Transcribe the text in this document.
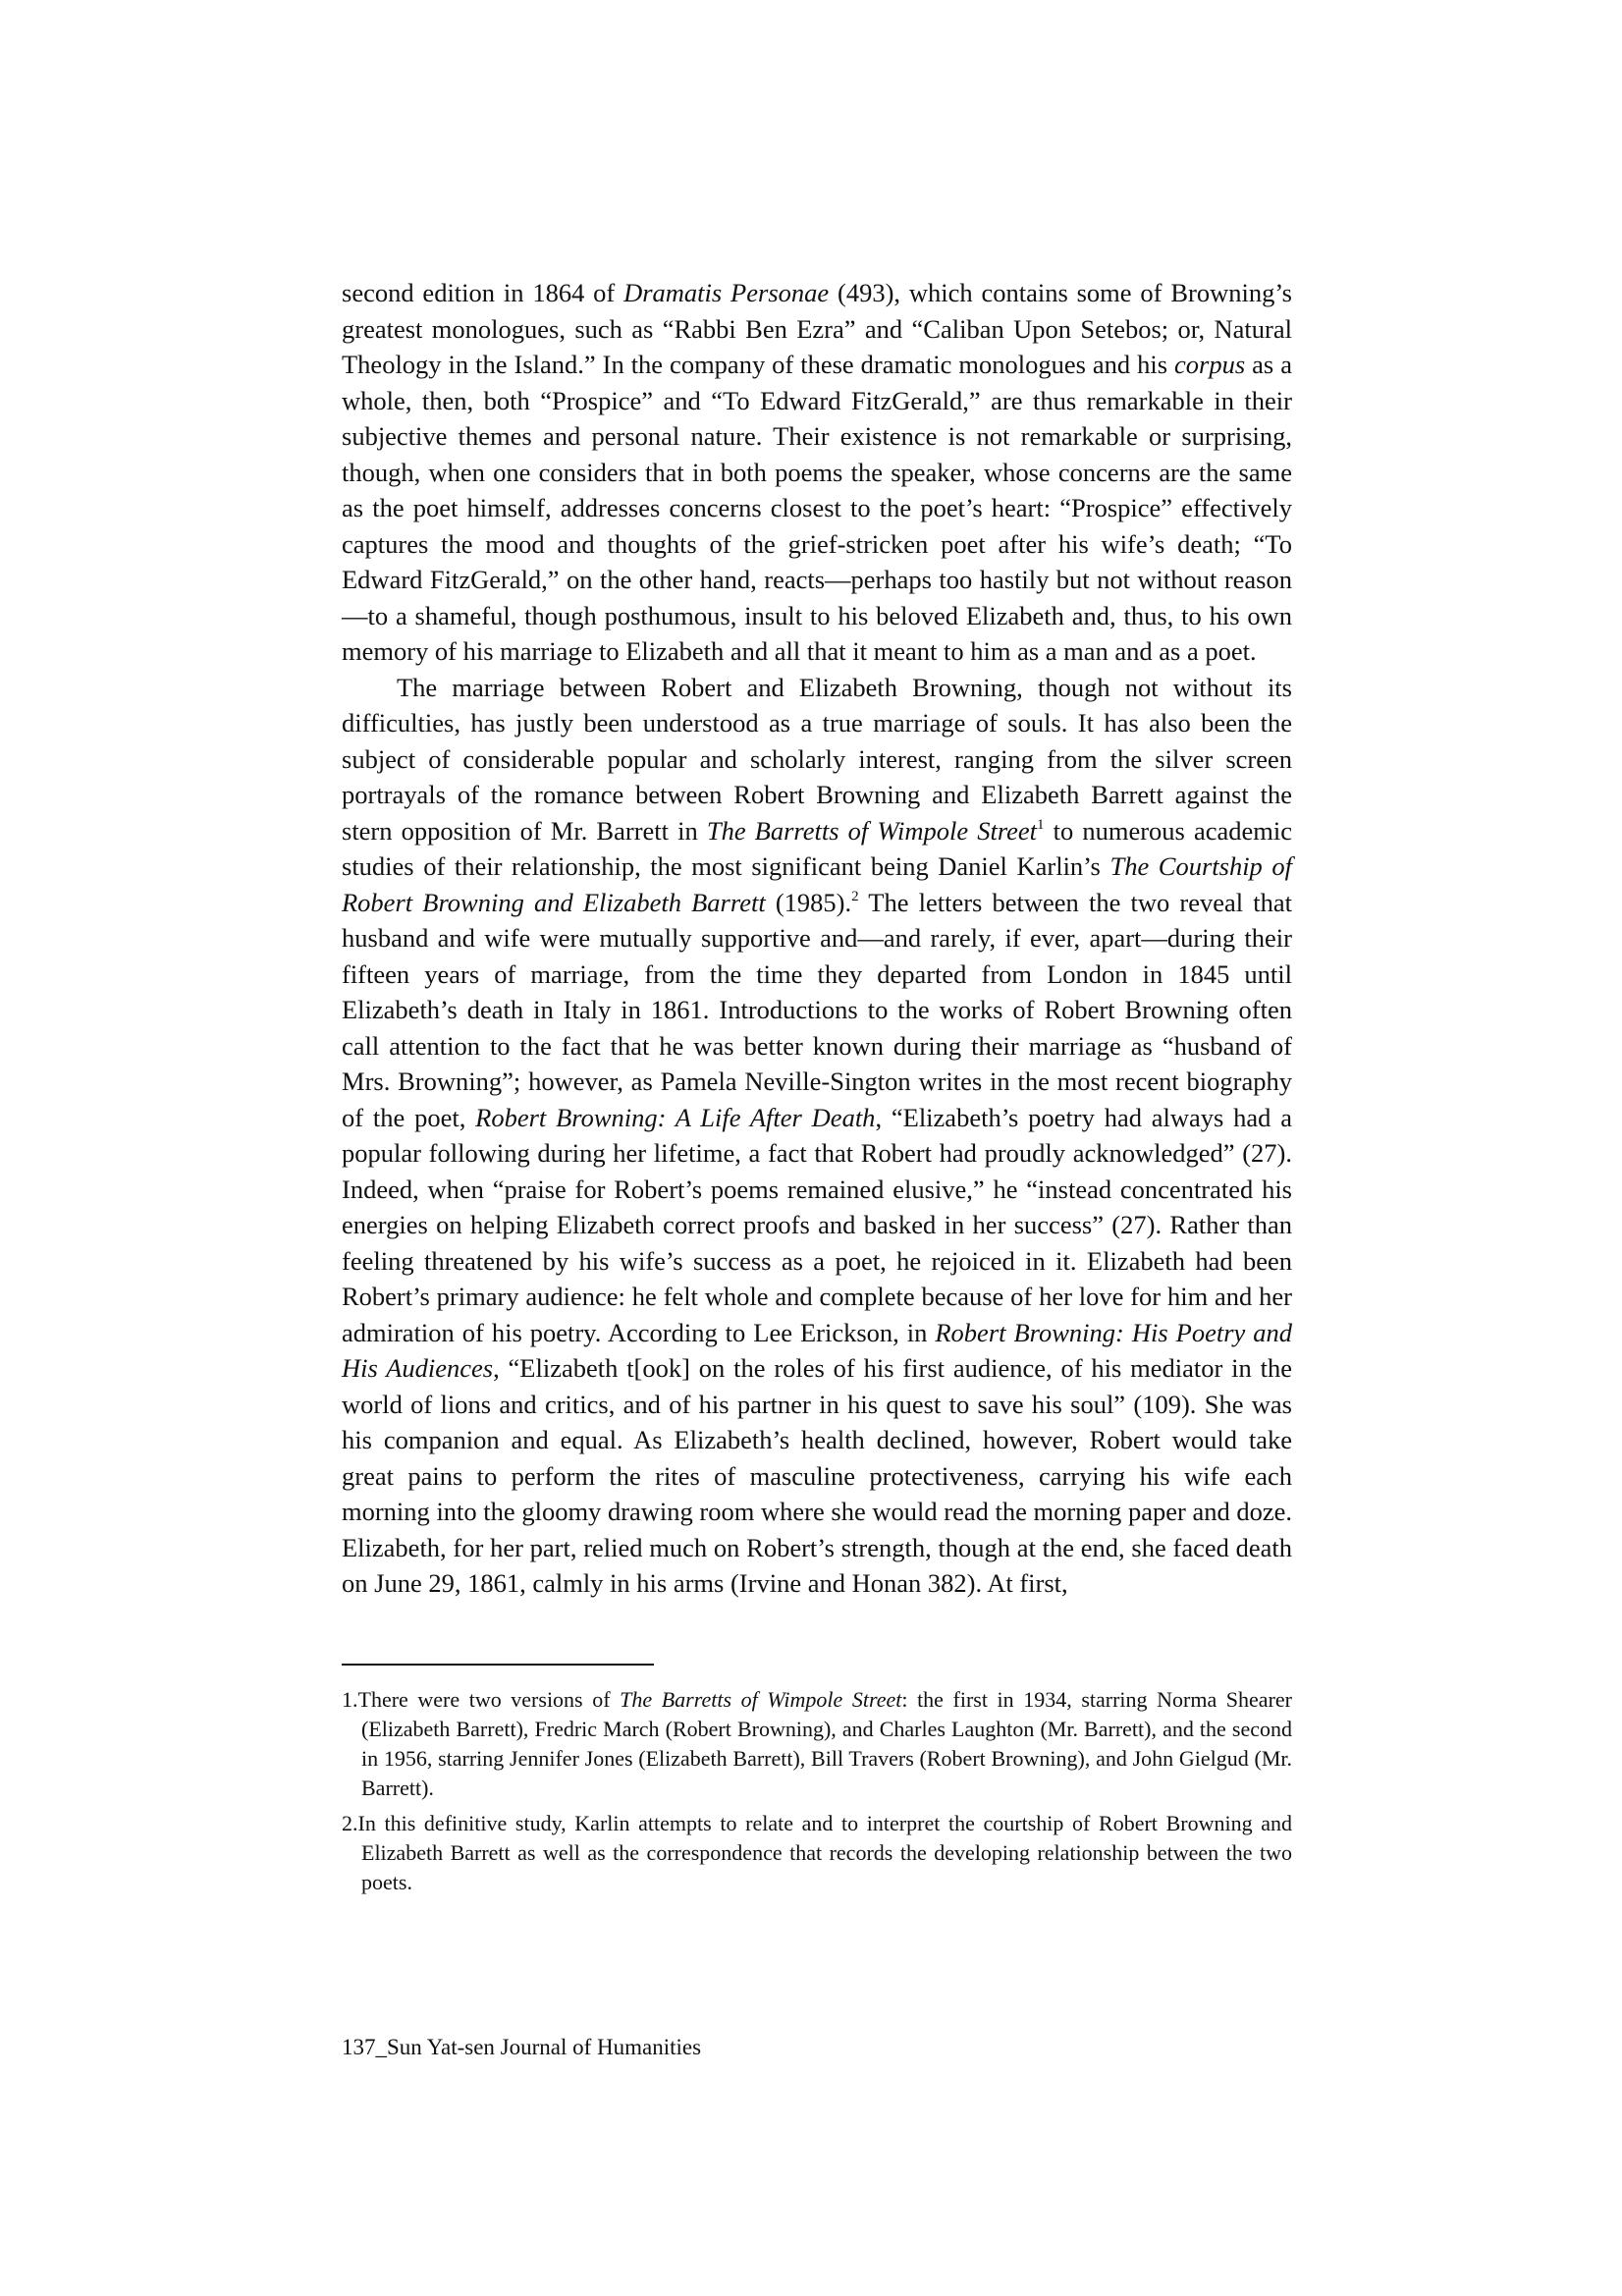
second edition in 1864 of Dramatis Personae (493), which contains some of Browning’s greatest monologues, such as “Rabbi Ben Ezra” and “Caliban Upon Setebos; or, Natural Theology in the Island.” In the company of these dramatic monologues and his corpus as a whole, then, both “Prospice” and “To Edward FitzGerald,” are thus remarkable in their subjective themes and personal nature. Their existence is not remarkable or surprising, though, when one considers that in both poems the speaker, whose concerns are the same as the poet himself, addresses concerns closest to the poet’s heart: “Prospice” effectively captures the mood and thoughts of the grief-stricken poet after his wife’s death; “To Edward FitzGerald,” on the other hand, reacts—perhaps too hastily but not without reason—to a shameful, though posthumous, insult to his beloved Elizabeth and, thus, to his own memory of his marriage to Elizabeth and all that it meant to him as a man and as a poet.

The marriage between Robert and Elizabeth Browning, though not without its difficulties, has justly been understood as a true marriage of souls. It has also been the subject of considerable popular and scholarly interest, ranging from the silver screen portrayals of the romance between Robert Browning and Elizabeth Barrett against the stern opposition of Mr. Barrett in The Barretts of Wimpole Street$^1$ to numerous academic studies of their relationship, the most significant being Daniel Karlin’s The Courtship of Robert Browning and Elizabeth Barrett (1985).$^2$ The letters between the two reveal that husband and wife were mutually supportive and—and rarely, if ever, apart—during their fifteen years of marriage, from the time they departed from London in 1845 until Elizabeth’s death in Italy in 1861. Introductions to the works of Robert Browning often call attention to the fact that he was better known during their marriage as “husband of Mrs. Browning”; however, as Pamela Neville-Sington writes in the most recent biography of the poet, Robert Browning: A Life After Death, “Elizabeth’s poetry had always had a popular following during her lifetime, a fact that Robert had proudly acknowledged” (27). Indeed, when “praise for Robert’s poems remained elusive,” he “instead concentrated his energies on helping Elizabeth correct proofs and basked in her success” (27). Rather than feeling threatened by his wife’s success as a poet, he rejoiced in it. Elizabeth had been Robert’s primary audience: he felt whole and complete because of her love for him and her admiration of his poetry. According to Lee Erickson, in Robert Browning: His Poetry and His Audiences, “Elizabeth t[ook] on the roles of his first audience, of his mediator in the world of lions and critics, and of his partner in his quest to save his soul” (109). She was his companion and equal. As Elizabeth’s health declined, however, Robert would take great pains to perform the rites of masculine protectiveness, carrying his wife each morning into the gloomy drawing room where she would read the morning paper and doze. Elizabeth, for her part, relied much on Robert’s strength, though at the end, she faced death on June 29, 1861, calmly in his arms (Irvine and Honan 382). At first,

1.There were two versions of The Barretts of Wimpole Street: the first in 1934, starring Norma Shearer (Elizabeth Barrett), Fredric March (Robert Browning), and Charles Laughton (Mr. Barrett), and the second in 1956, starring Jennifer Jones (Elizabeth Barrett), Bill Travers (Robert Browning), and John Gielgud (Mr. Barrett).

2.In this definitive study, Karlin attempts to relate and to interpret the courtship of Robert Browning and Elizabeth Barrett as well as the correspondence that records the developing relationship between the two poets.

137_Sun Yat-sen Journal of Humanities
